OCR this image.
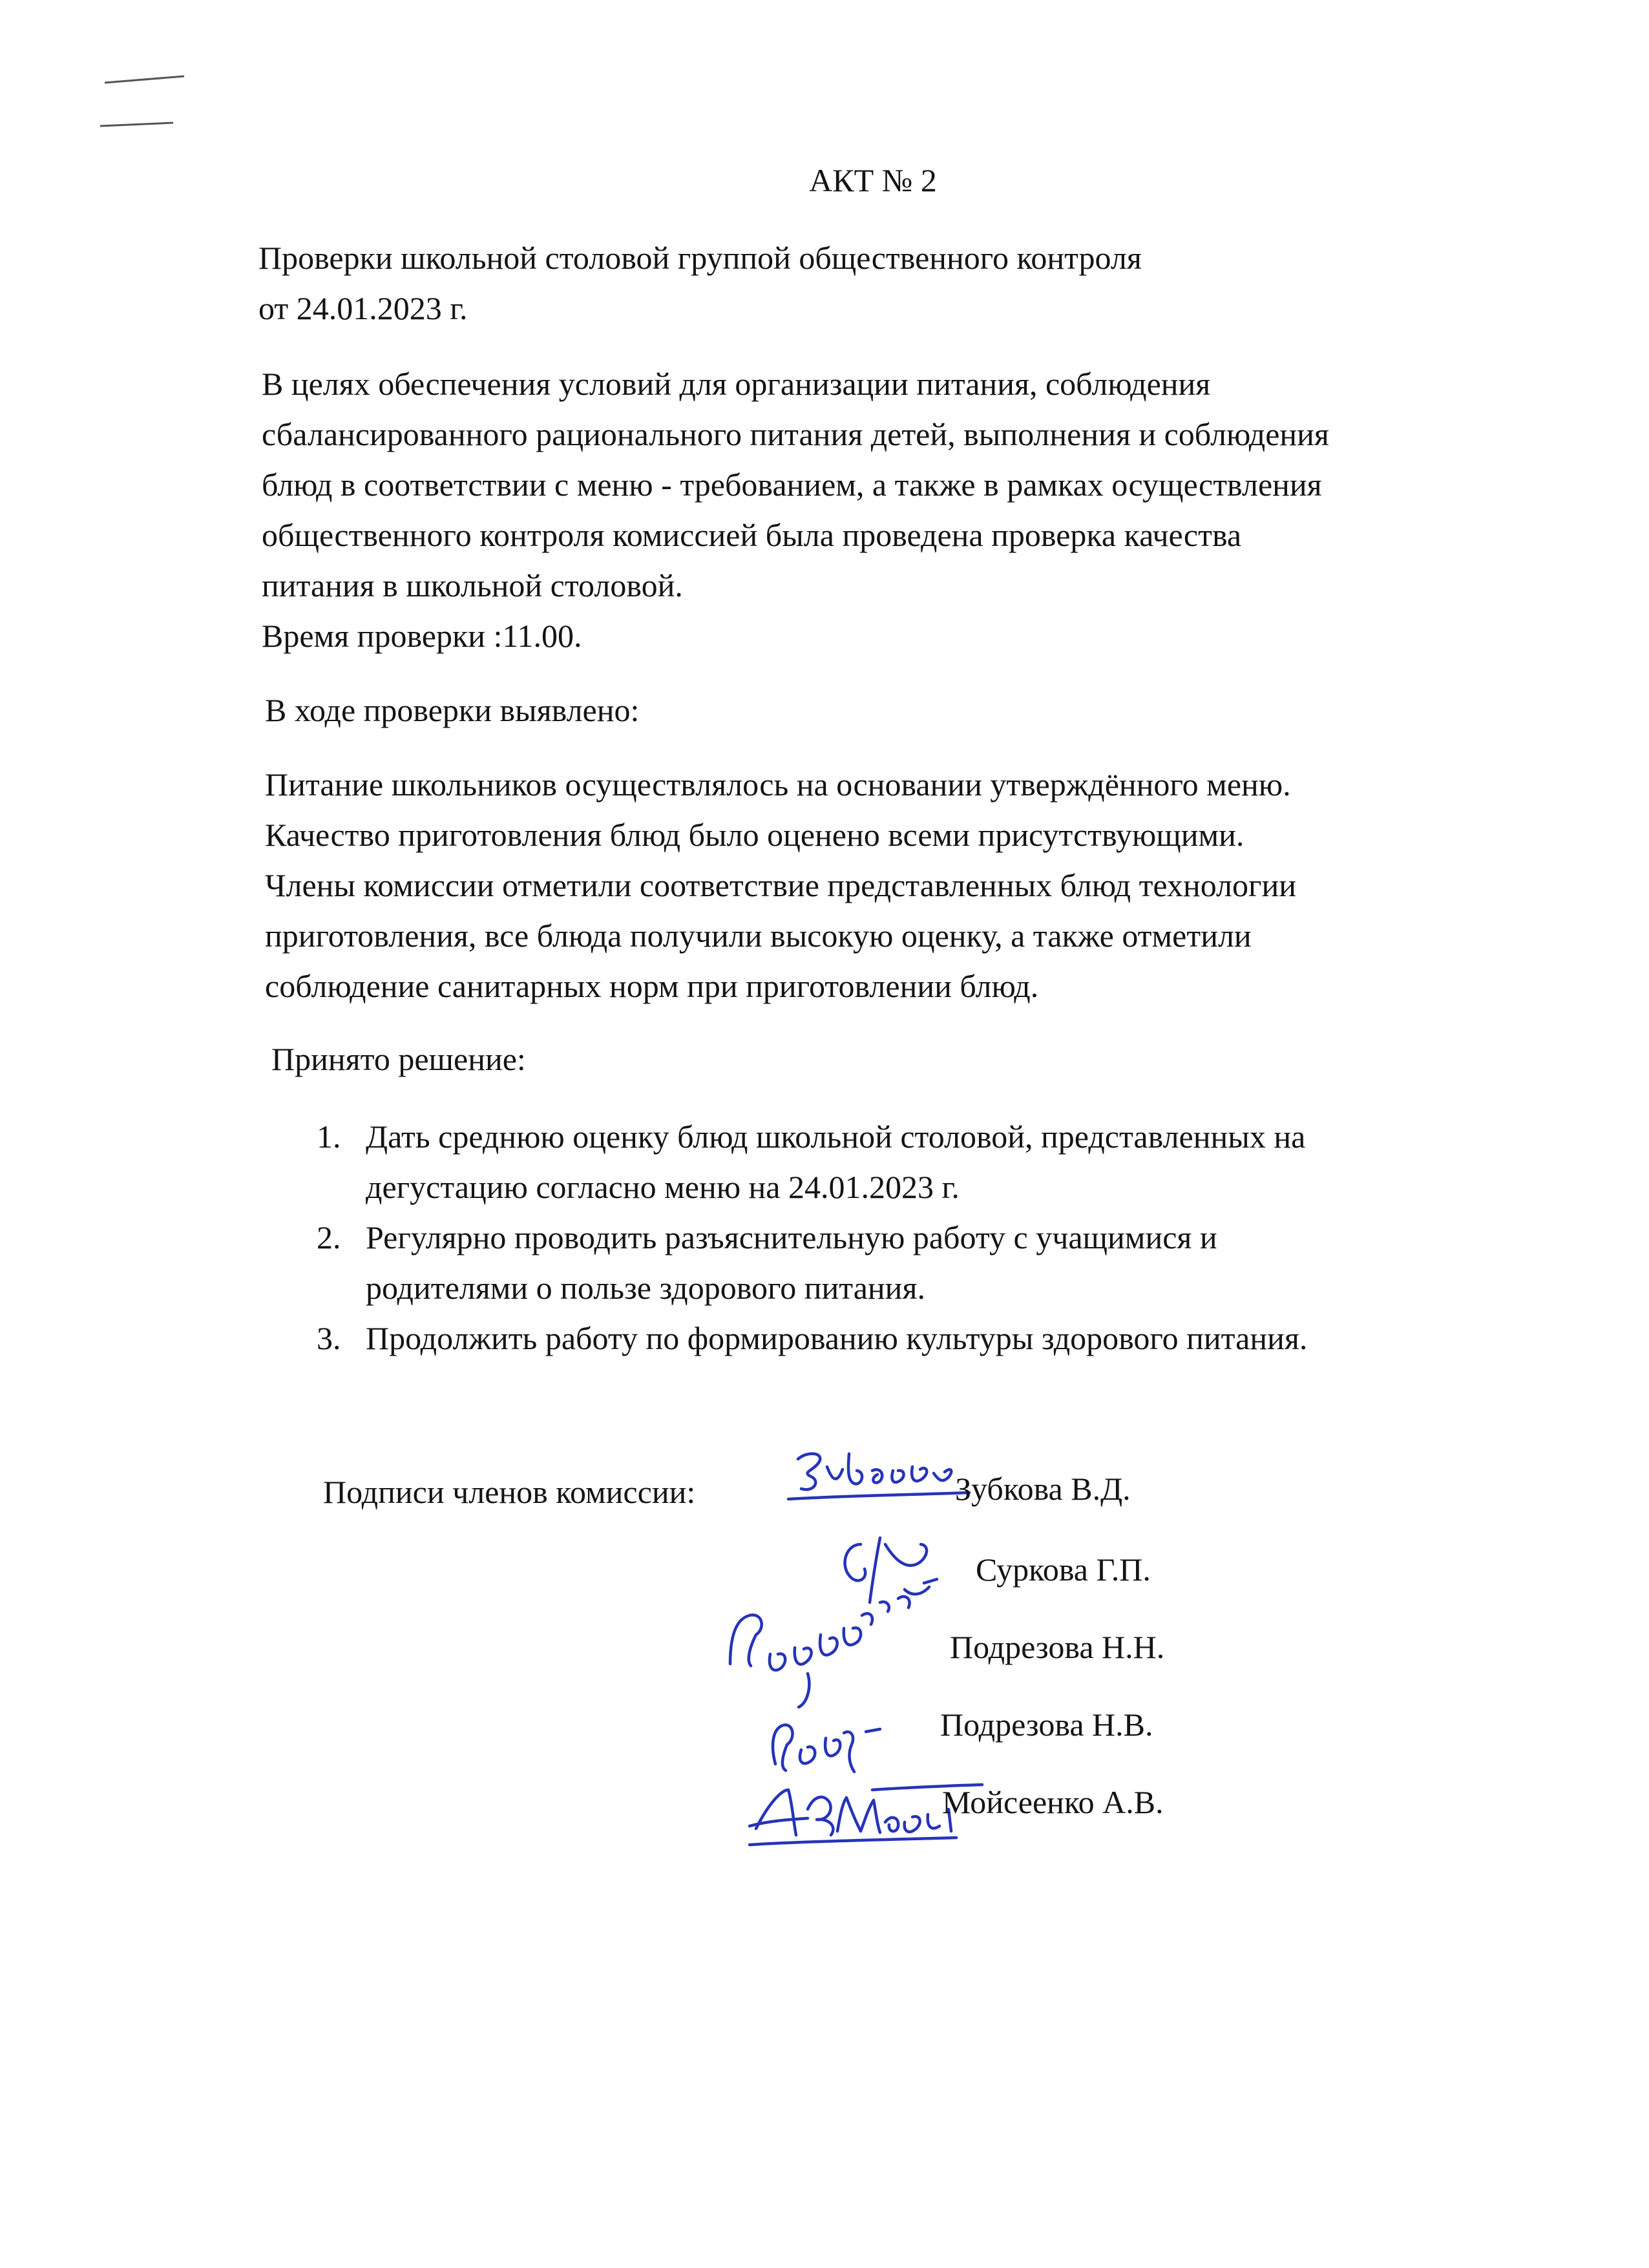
АКТ № 2
Проверки школьной столовой группой общественного контроля
от 24.01.2023 г.
В целях обеспечения условий для организации питания, соблюдения
сбалансированного рационального питания детей, выполнения и соблюдения
блюд в соответствии с меню - требованием, а также в рамках осуществления
общественного контроля комиссией была проведена проверка качества
питания в школьной столовой.
Время проверки :11.00.
В ходе проверки выявлено:
Питание школьников осуществлялось на основании утверждённого меню.
Качество приготовления блюд было оценено всеми присутствующими.
Члены комиссии отметили соответствие представленных блюд технологии
приготовления, все блюда получили высокую оценку, а также отметили
соблюдение санитарных норм при приготовлении блюд.
Принято решение:
1. Дать среднюю оценку блюд школьной столовой, представленных на
дегустацию согласно меню на 24.01.2023 г.
2. Регулярно проводить разъяснительную работу с учащимися и
родителями о пользе здорового питания.
3. Продолжить работу по формированию культуры здорового питания.
Подписи членов комиссии:	Зубкова В.Д.
Суркова Г.П.
Подрезова Н.Н.
Подрезова Н.В.
Мойсеенко А.В.
